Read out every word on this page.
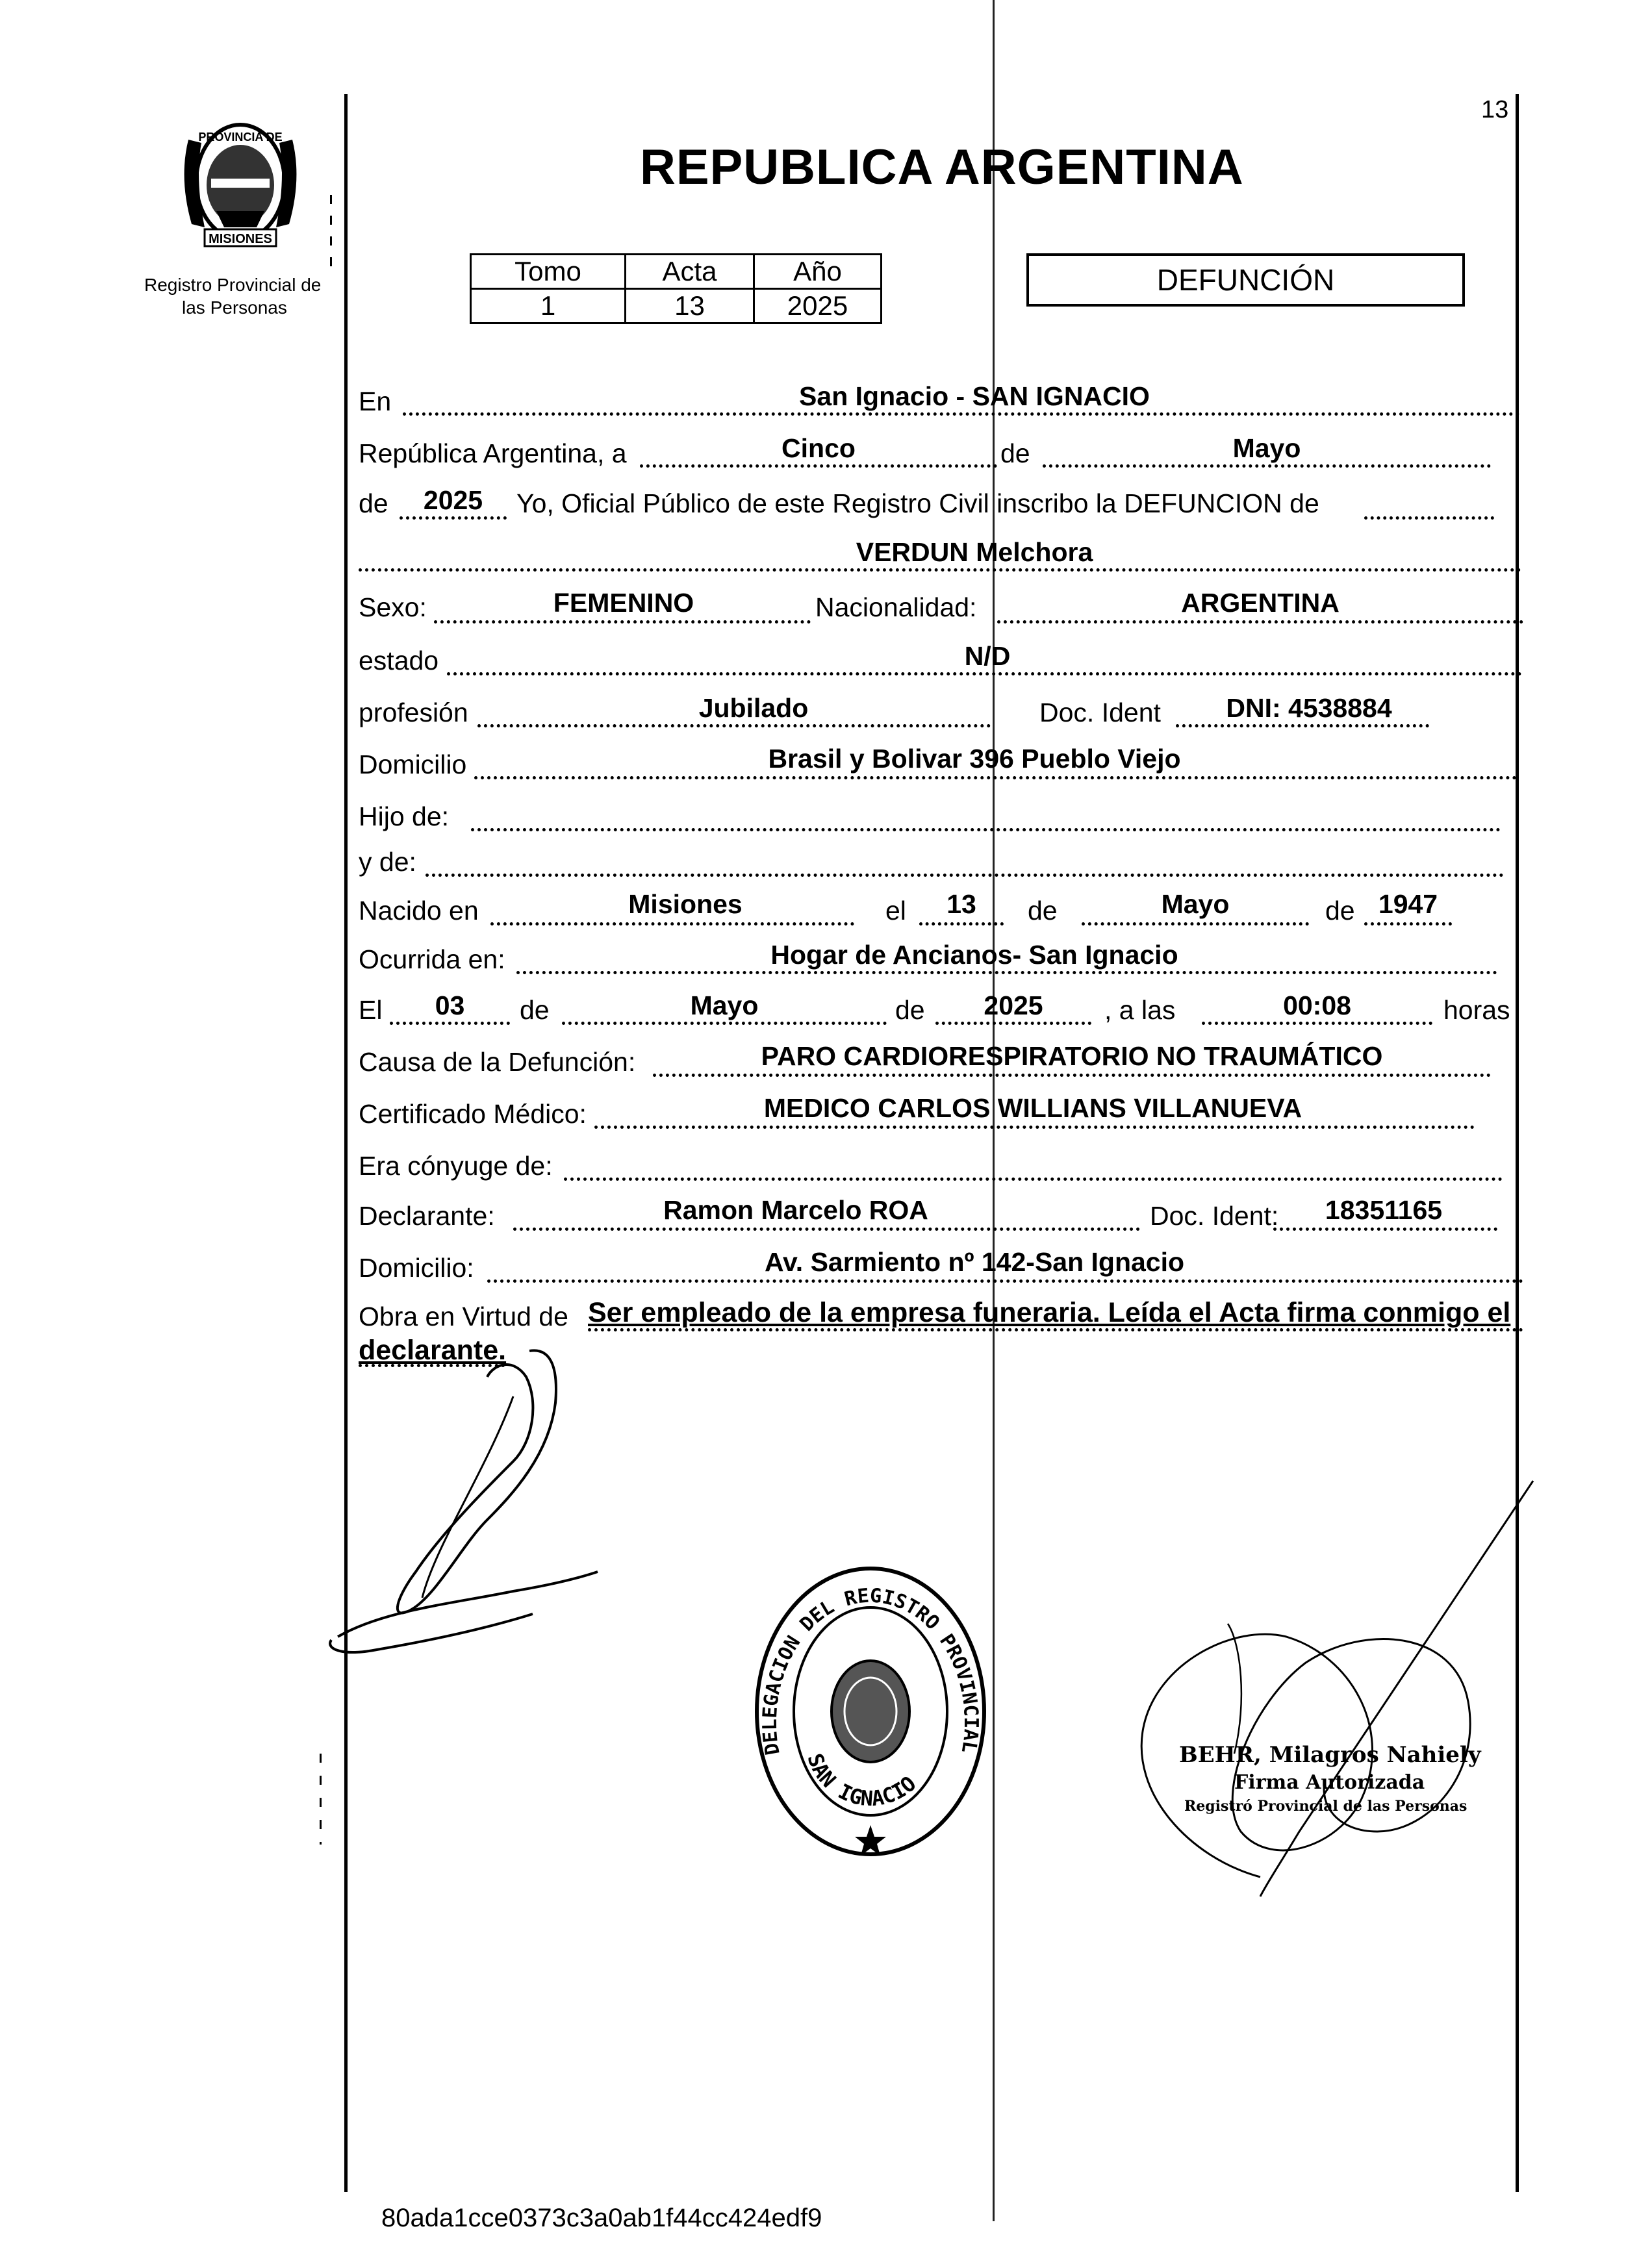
13
PROVINCIA DE
MISIONES
Registro Provincial de
las Personas
REPUBLICA ARGENTINA
Tomo	Acta	Año
1	13	2025
DEFUNCIÓN
En	San Ignacio - SAN IGNACIO
República Argentina, a	Cinco	de	Mayo
de	2025	Yo, Oficial Público de este Registro Civil inscribo la DEFUNCION de
VERDUN Melchora
Sexo:	FEMENINO	Nacionalidad:	ARGENTINA
estado	N/D
profesión	Jubilado	Doc. Ident	DNI: 4538884
Domicilio	Brasil y Bolivar 396 Pueblo Viejo
Hijo de:
y de:
Nacido en	Misiones	el	13	de	Mayo	de 1947
Ocurrida en:	Hogar de Ancianos- San Ignacio
El	03	de	Mayo	de	2025	, a las	00:08	horas
Causa de la Defunción:	PARO CARDIORESPIRATORIO NO TRAUMÁTICO
Certificado Médico:	MEDICO CARLOS WILLIANS VILLANUEVA
Era cónyuge de:
Declarante:	Ramon Marcelo ROA	Doc. Ident:	18351165
Domicilio:	Av. Sarmiento nº 142-San Ignacio
Obra en Virtud de Ser empleado de la empresa funeraria. Leída el Acta firma conmigo el
declarante.
DELEGACION DEL REGISTRO PROVINCIAL
SAN IGNACIO
BEHR, Milagros Nahiely
Firma Autorizada
Registró Provincial de las Personas
80ada1cce0373c3a0ab1f44cc424edf9
